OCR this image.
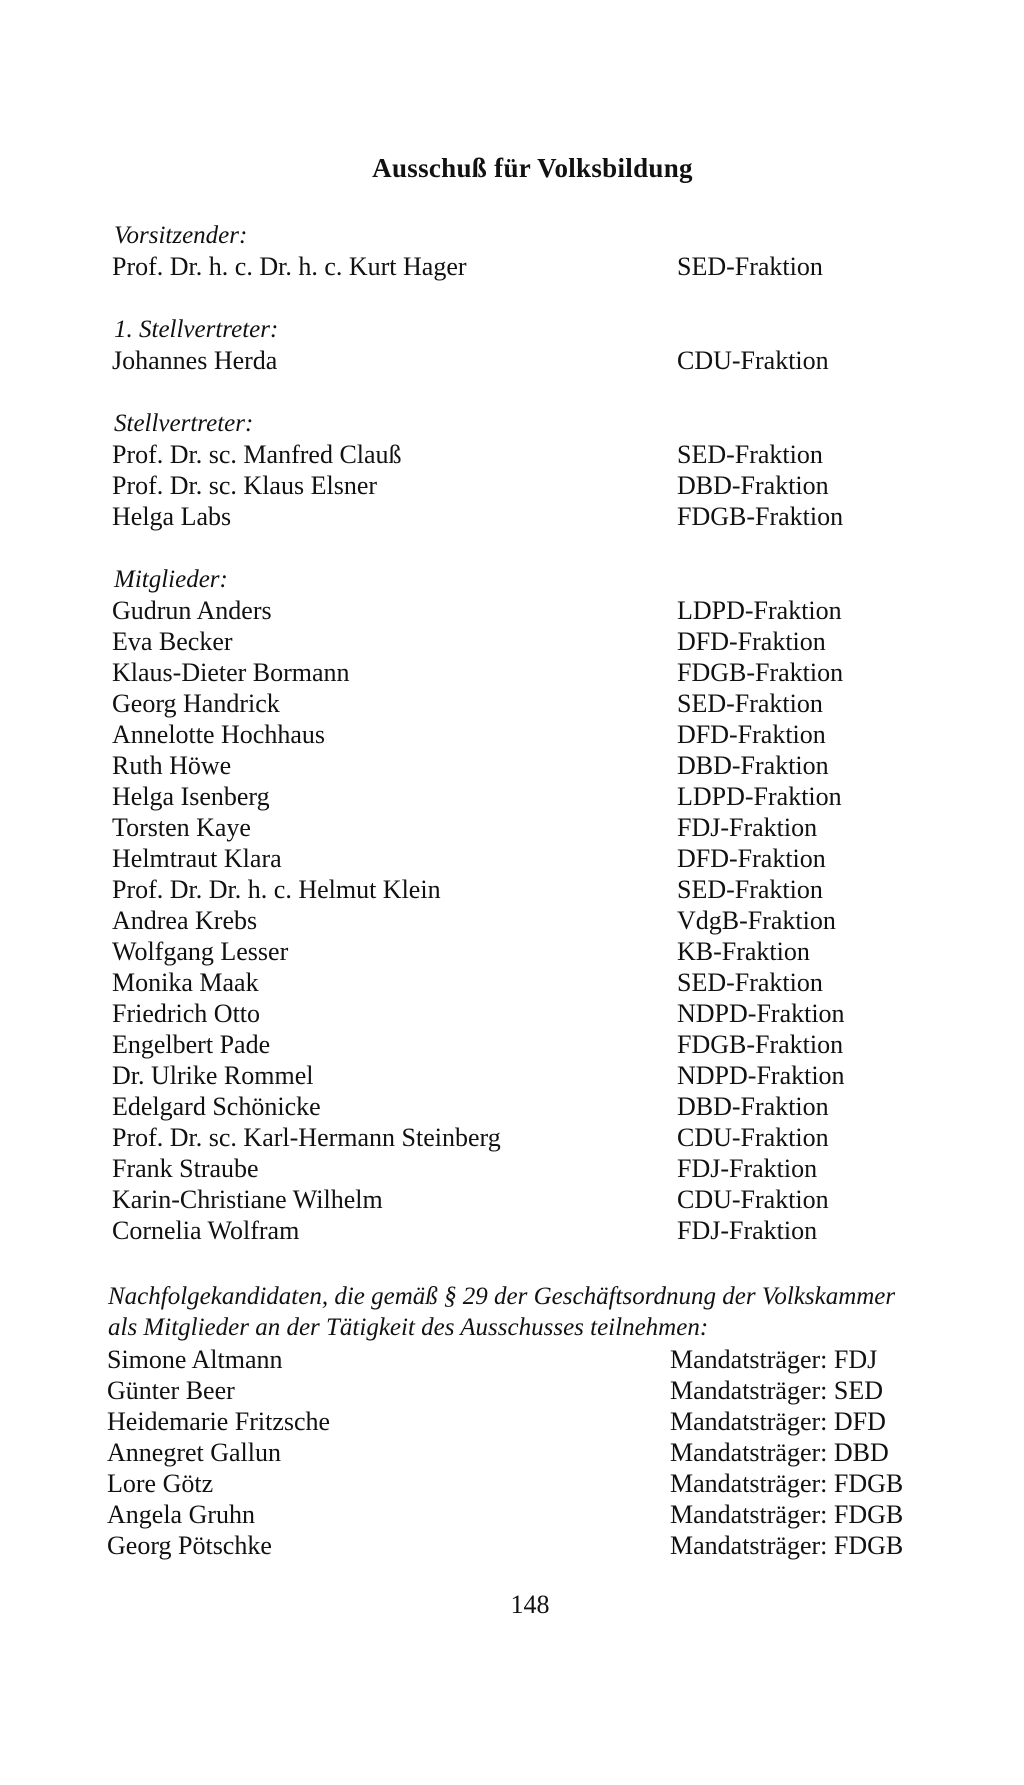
Ausschuß für Volksbildung
Vorsitzender:
Prof. Dr. h. c. Dr. h. c. Kurt Hager	SED-Fraktion
1. Stellvertreter:
Johannes Herda	CDU-Fraktion
Stellvertreter:
Prof. Dr. sc. Manfred Clauß	SED-Fraktion
Prof. Dr. sc. Klaus Elsner	DBD-Fraktion
Helga Labs	FDGB-Fraktion
Mitglieder:
Gudrun Anders	LDPD-Fraktion
Eva Becker	DFD-Fraktion
Klaus-Dieter Bormann	FDGB-Fraktion
Georg Handrick	SED-Fraktion
Annelotte Hochhaus	DFD-Fraktion
Ruth Höwe	DBD-Fraktion
Helga Isenberg	LDPD-Fraktion
Torsten Kaye	FDJ-Fraktion
Helmtraut Klara	DFD-Fraktion
Prof. Dr. Dr. h. c. Helmut Klein	SED-Fraktion
Andrea Krebs	VdgB-Fraktion
Wolfgang Lesser	KB-Fraktion
Monika Maak	SED-Fraktion
Friedrich Otto	NDPD-Fraktion
Engelbert Pade	FDGB-Fraktion
Dr. Ulrike Rommel	NDPD-Fraktion
Edelgard Schönicke	DBD-Fraktion
Prof. Dr. sc. Karl-Hermann Steinberg	CDU-Fraktion
Frank Straube	FDJ-Fraktion
Karin-Christiane Wilhelm	CDU-Fraktion
Cornelia Wolfram	FDJ-Fraktion
Nachfolgekandidaten, die gemäß § 29 der Geschäftsordnung der Volkskammer
als Mitglieder an der Tätigkeit des Ausschusses teilnehmen:
Simone Altmann	Mandatsträger: FDJ
Günter Beer	Mandatsträger: SED
Heidemarie Fritzsche	Mandatsträger: DFD
Annegret Gallun	Mandatsträger: DBD
Lore Götz	Mandatsträger: FDGB
Angela Gruhn	Mandatsträger: FDGB
Georg Pötschke	Mandatsträger: FDGB
148
